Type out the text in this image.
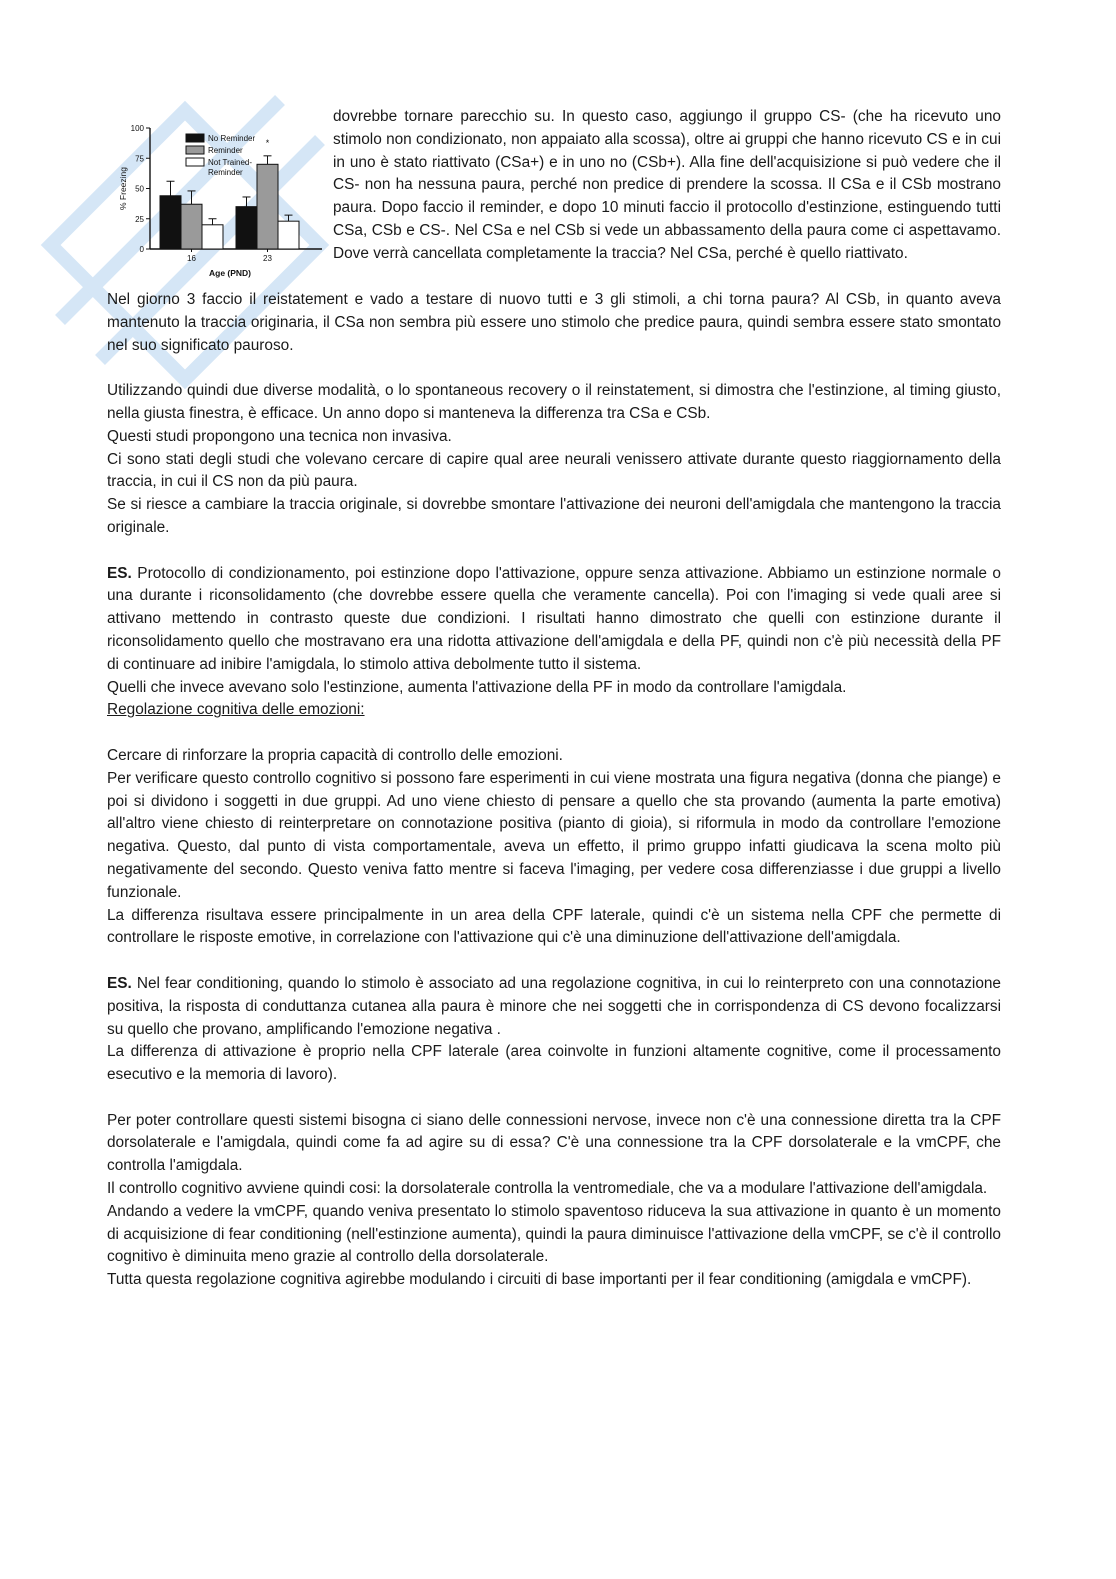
0
25
50
75
100
% Freezing
16	23
*
Age (PND)
No Reminder
Reminder
Not Trained-
Reminder

dovrebbe tornare parecchio su. In questo caso, aggiungo il gruppo CS- (che ha ricevuto uno stimolo non condizionato, non appaiato alla scossa), oltre ai gruppi che hanno ricevuto CS e in cui in uno è stato riattivato (CSa+) e in uno no (CSb+). Alla fine dell'acquisizione si può vedere che il CS- non ha nessuna paura, perché non predice di prendere la scossa. Il CSa e il CSb mostrano paura. Dopo faccio il reminder, e dopo 10 minuti faccio il protocollo d'estinzione, estinguendo tutti CSa, CSb e CS-. Nel CSa e nel CSb si vede un abbassamento della paura come ci aspettavamo. Dove verrà cancellata completamente la traccia? Nel CSa, perché è quello riattivato.

Nel giorno 3 faccio il reistatement e vado a testare di nuovo tutti e 3 gli stimoli, a chi torna paura? Al CSb, in quanto aveva mantenuto la traccia originaria, il CSa non sembra più essere uno stimolo che predice paura, quindi sembra essere stato smontato nel suo significato pauroso.

Utilizzando quindi due diverse modalità, o lo spontaneous recovery o il reinstatement, si dimostra che l'estinzione, al timing giusto, nella giusta finestra, è efficace. Un anno dopo si manteneva la differenza tra CSa e CSb.

Questi studi propongono una tecnica non invasiva.

Ci sono stati degli studi che volevano cercare di capire qual aree neurali venissero attivate durante questo riaggiornamento della traccia, in cui il CS non da più paura.

Se si riesce a cambiare la traccia originale, si dovrebbe smontare l'attivazione dei neuroni dell'amigdala che mantengono la traccia originale.

ES. Protocollo di condizionamento, poi estinzione dopo l'attivazione, oppure senza attivazione. Abbiamo un estinzione normale o una durante i riconsolidamento (che dovrebbe essere quella che veramente cancella). Poi con l'imaging si vede quali aree si attivano mettendo in contrasto queste due condizioni. I risultati hanno dimostrato che quelli con estinzione durante il riconsolidamento quello che mostravano era una ridotta attivazione dell'amigdala e della PF, quindi non c'è più necessità della PF di continuare ad inibire l'amigdala, lo stimolo attiva debolmente tutto il sistema.

Quelli che invece avevano solo l'estinzione, aumenta l'attivazione della PF in modo da controllare l'amigdala.

Regolazione cognitiva delle emozioni:

Cercare di rinforzare la propria capacità di controllo delle emozioni.

Per verificare questo controllo cognitivo si possono fare esperimenti in cui viene mostrata una figura negativa (donna che piange) e poi si dividono i soggetti in due gruppi. Ad uno viene chiesto di pensare a quello che sta provando (aumenta la parte emotiva) all'altro viene chiesto di reinterpretare on connotazione positiva (pianto di gioia), si riformula in modo da controllare l'emozione negativa. Questo, dal punto di vista comportamentale, aveva un effetto, il primo gruppo infatti giudicava la scena molto più negativamente del secondo. Questo veniva fatto mentre si faceva l'imaging, per vedere cosa differenziasse i due gruppi a livello funzionale.

La differenza risultava essere principalmente in un area della CPF laterale, quindi c'è un sistema nella CPF che permette di controllare le risposte emotive, in correlazione con l'attivazione qui c'è una diminuzione dell'attivazione dell'amigdala.

ES. Nel fear conditioning, quando lo stimolo è associato ad una regolazione cognitiva, in cui lo reinterpreto con una connotazione positiva, la risposta di conduttanza cutanea alla paura è minore che nei soggetti che in corrispondenza di CS devono focalizzarsi su quello che provano, amplificando l'emozione negativa .

La differenza di attivazione è proprio nella CPF laterale (area coinvolte in funzioni altamente cognitive, come il processamento esecutivo e la memoria di lavoro).

Per poter controllare questi sistemi bisogna ci siano delle connessioni nervose, invece non c'è una connessione diretta tra la CPF dorsolaterale e l'amigdala, quindi come fa ad agire su di essa? C'è una connessione tra la CPF dorsolaterale e la vmCPF, che controlla l'amigdala.

Il controllo cognitivo avviene quindi cosi: la dorsolaterale controlla la ventromediale, che va a modulare l'attivazione dell'amigdala.

Andando a vedere la vmCPF, quando veniva presentato lo stimolo spaventoso riduceva la sua attivazione in quanto è un momento di acquisizione di fear conditioning (nell'estinzione aumenta), quindi la paura diminuisce l'attivazione della vmCPF, se c'è il controllo cognitivo è diminuita meno grazie al controllo della dorsolaterale.

Tutta questa regolazione cognitiva agirebbe modulando i circuiti di base importanti per il fear conditioning (amigdala e vmCPF).
